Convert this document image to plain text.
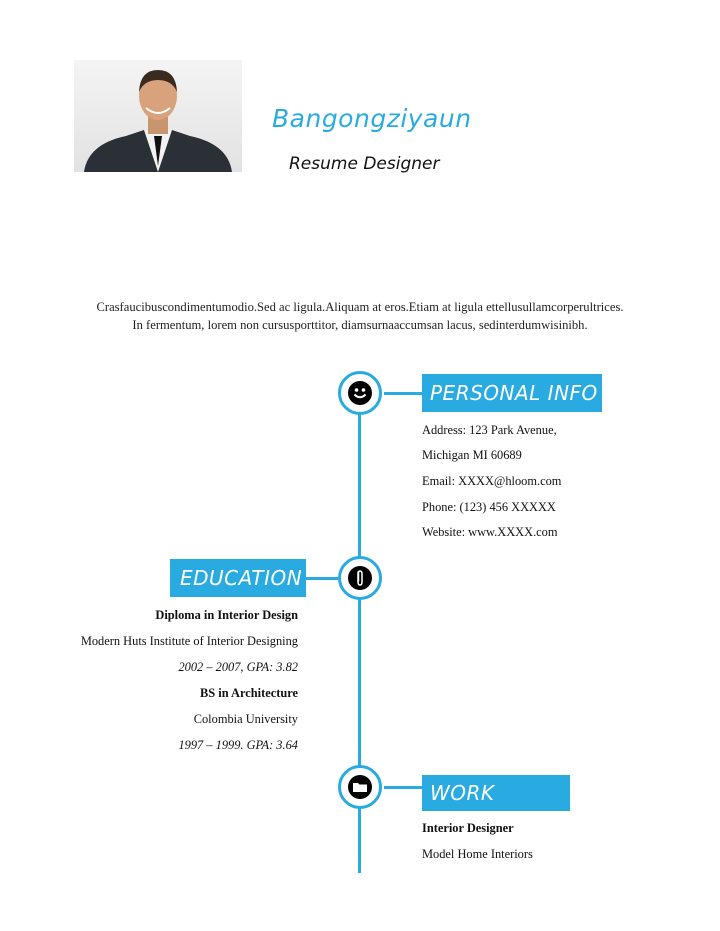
Bangongziyaun
Resume Designer
Crasfaucibuscondimentumodio.Sed ac ligula.Aliquam at eros.Etiam at ligula ettellusullamcorperultrices.
In fermentum, lorem non cursusporttitor, diamsurnaaccumsan lacus, sedinterdumwisinibh.
PERSONAL INFO
Address: 123 Park Avenue,
Michigan MI 60689
Email: XXXX@hloom.com
Phone: (123) 456 XXXXX
Website: www.XXXX.com
EDUCATION
Diploma in Interior Design
Modern Huts Institute of Interior Designing
2002 – 2007, GPA: 3.82
BS in Architecture
Colombia University
1997 – 1999. GPA: 3.64
WORK
Interior Designer
Model Home Interiors
